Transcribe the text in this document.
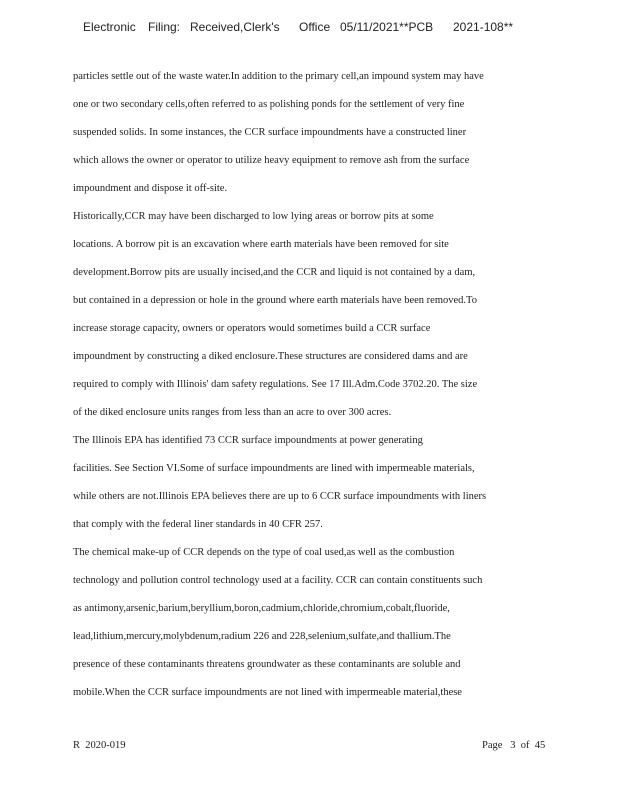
Electronic Filing: Received,Clerk's Office 05/11/2021**PCB 2021-108**
particles settle out of the waste water.In addition to the primary cell,an impound system may have
one or two secondary cells,often referred to as polishing ponds for the settlement of very fine
suspended solids. In some instances, the CCR surface impoundments have a constructed liner
which allows the owner or operator to utilize heavy equipment to remove ash from the surface
impoundment and dispose it off-site.
Historically,CCR may have been discharged to low lying areas or borrow pits at some
locations. A borrow pit is an excavation where earth materials have been removed for site
development.Borrow pits are usually incised,and the CCR and liquid is not contained by a dam,
but contained in a depression or hole in the ground where earth materials have been removed.To
increase storage capacity, owners or operators would sometimes build a CCR surface
impoundment by constructing a diked enclosure.These structures are considered dams and are
required to comply with Illinois' dam safety regulations. See 17 Ill.Adm.Code 3702.20. The size
of the diked enclosure units ranges from less than an acre to over 300 acres.
The Illinois EPA has identified 73 CCR surface impoundments at power generating
facilities. See Section VI.Some of surface impoundments are lined with impermeable materials,
while others are not.Illinois EPA believes there are up to 6 CCR surface impoundments with liners
that comply with the federal liner standards in 40 CFR 257.
The chemical make-up of CCR depends on the type of coal used,as well as the combustion
technology and pollution control technology used at a facility. CCR can contain constituents such
as antimony,arsenic,barium,beryllium,boron,cadmium,chloride,chromium,cobalt,fluoride,
lead,lithium,mercury,molybdenum,radium 226 and 228,selenium,sulfate,and thallium.The
presence of these contaminants threatens groundwater as these contaminants are soluble and
mobile.When the CCR surface impoundments are not lined with impermeable material,these
R  2020-019	Page   3  of  45
